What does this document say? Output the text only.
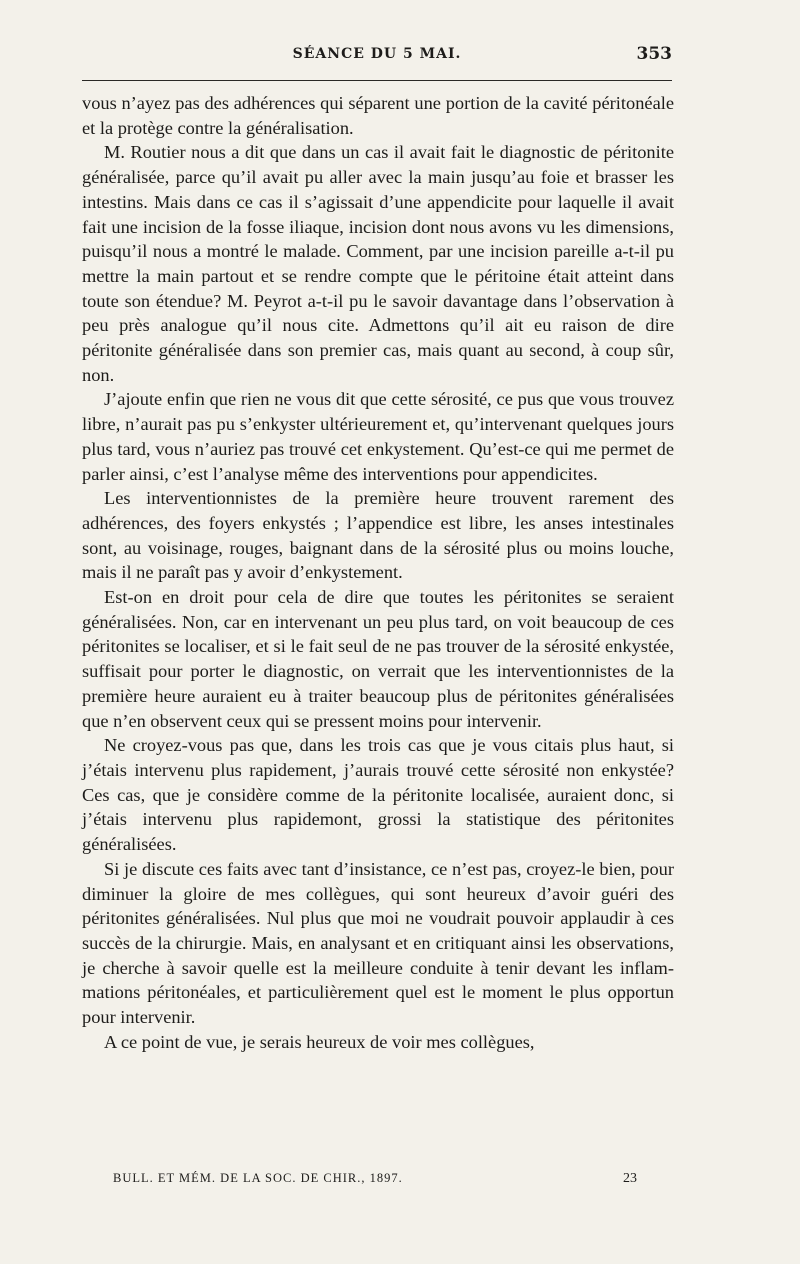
SÉANCE DU 5 MAI.	353

vous n’ayez pas des adhérences qui séparent une portion de la cavité péritonéale et la protège contre la généralisation.

M. Routier nous a dit que dans un cas il avait fait le diagnostic de péritonite généralisée, parce qu’il avait pu aller avec la main jusqu’au foie et brasser les intestins. Mais dans ce cas il s’agissait d’une appendicite pour laquelle il avait fait une incision de la fosse iliaque, incision dont nous avons vu les dimensions, puisqu’il nous a montré le malade. Comment, par une incision pareille a-t-il pu mettre la main partout et se rendre compte que le péritoine était atteint dans toute son étendue? M. Peyrot a-t-il pu le savoir davantage dans l’observation à peu près analogue qu’il nous cite. Admettons qu’il ait eu raison de dire péritonite généralisée dans son premier cas, mais quant au second, à coup sûr, non.

J’ajoute enfin que rien ne vous dit que cette sérosité, ce pus que vous trouvez libre, n’aurait pas pu s’enkyster ultérieurement et, qu’intervenant quelques jours plus tard, vous n’auriez pas trouvé cet enkystement. Qu’est-ce qui me permet de parler ainsi, c’est l’analyse même des interventions pour appendicites.

Les interventionnistes de la première heure trouvent rarement des adhérences, des foyers enkystés ; l’appendice est libre, les anses intestinales sont, au voisinage, rouges, baignant dans de la sérosité plus ou moins louche, mais il ne paraît pas y avoir d’enkystement.

Est-on en droit pour cela de dire que toutes les péritonites se seraient généralisées. Non, car en intervenant un peu plus tard, on voit beaucoup de ces péritonites se localiser, et si le fait seul de ne pas trouver de la sérosité enkystée, suffisait pour porter le diagnostic, on verrait que les interventionnistes de la première heure auraient eu à traiter beaucoup plus de péritonites généralisées que n’en observent ceux qui se pressent moins pour intervenir.

Ne croyez-vous pas que, dans les trois cas que je vous citais plus haut, si j’étais intervenu plus rapidement, j’aurais trouvé cette sérosité non enkystée? Ces cas, que je considère comme de la péritonite localisée, auraient donc, si j’étais intervenu plus rapidemont, grossi la statistique des péritonites généralisées.

Si je discute ces faits avec tant d’insistance, ce n’est pas, croyez-le bien, pour diminuer la gloire de mes collègues, qui sont heureux d’avoir guéri des péritonites généralisées. Nul plus que moi ne voudrait pouvoir applaudir à ces succès de la chirurgie. Mais, en analysant et en critiquant ainsi les observations, je cherche à savoir quelle est la meilleure conduite à tenir devant les inflammations péritonéales, et particulièrement quel est le moment le plus opportun pour intervenir.

A ce point de vue, je serais heureux de voir mes collègues,

BULL. ET MÉM. DE LA SOC. DE CHIR., 1897.	23
